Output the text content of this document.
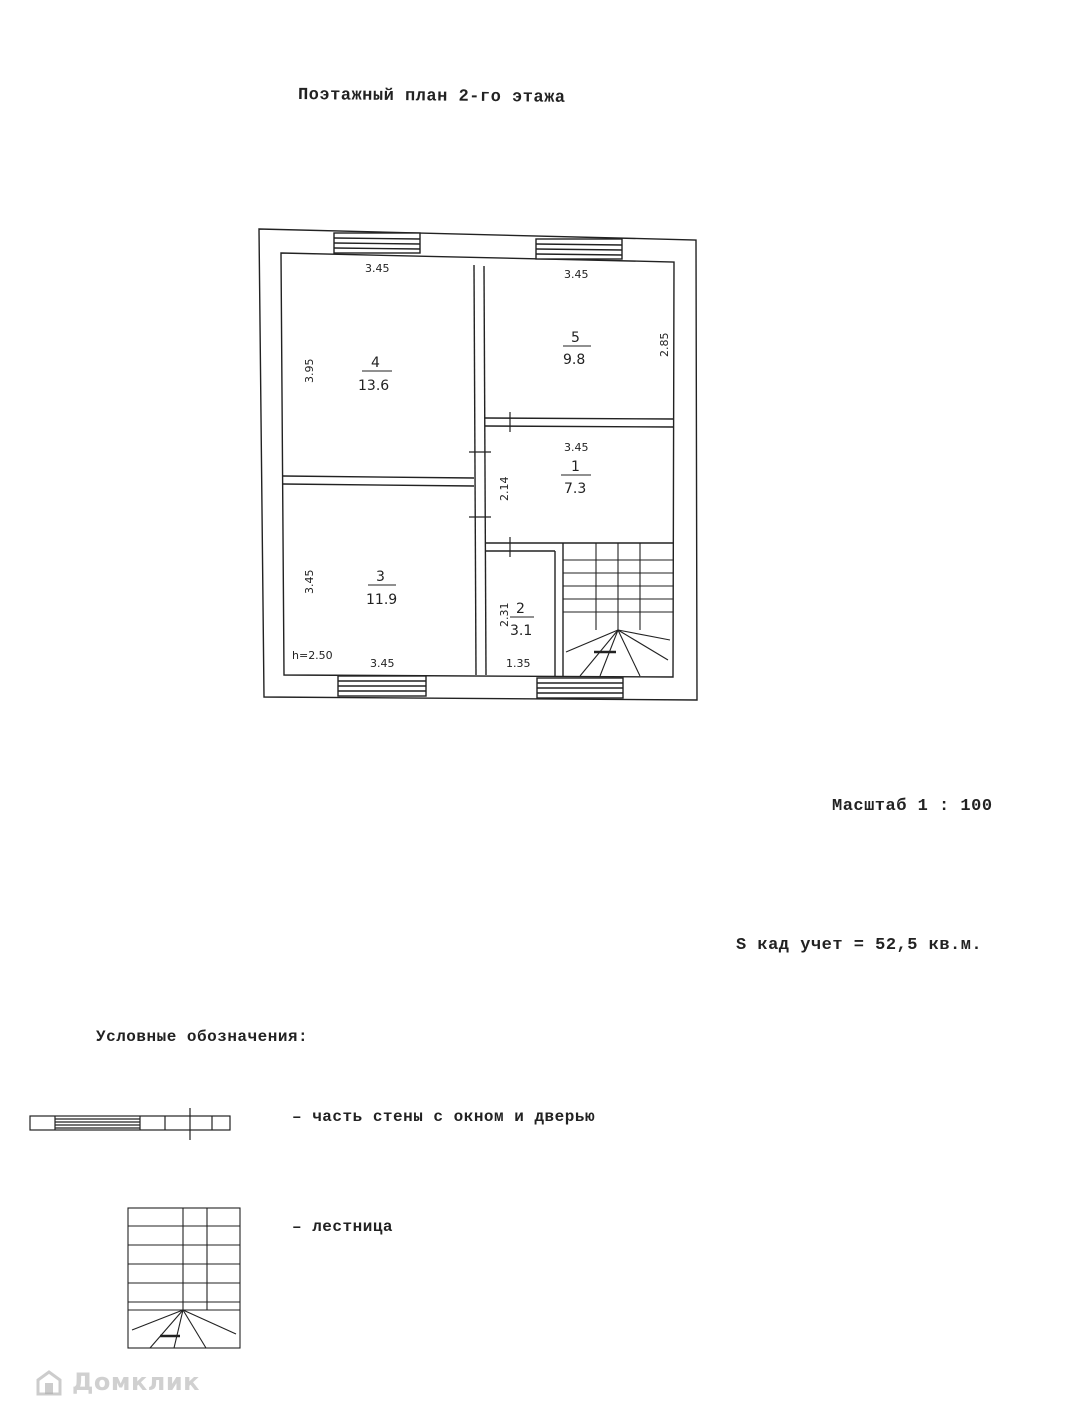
Поэтажный план 2-го этажа
Масштаб 1 : 100
S кад учет = 52,5 кв.м.
Условные обозначения:
– часть стены с окном и дверью
– лестница
3.45	3.45
3.45
3.45	1.35
h=2.50
3.95
2.85
2.14
3.45
2.31
4
13.6
5
9.8
1
7.3
3
11.9
2
3.1
Домклик
